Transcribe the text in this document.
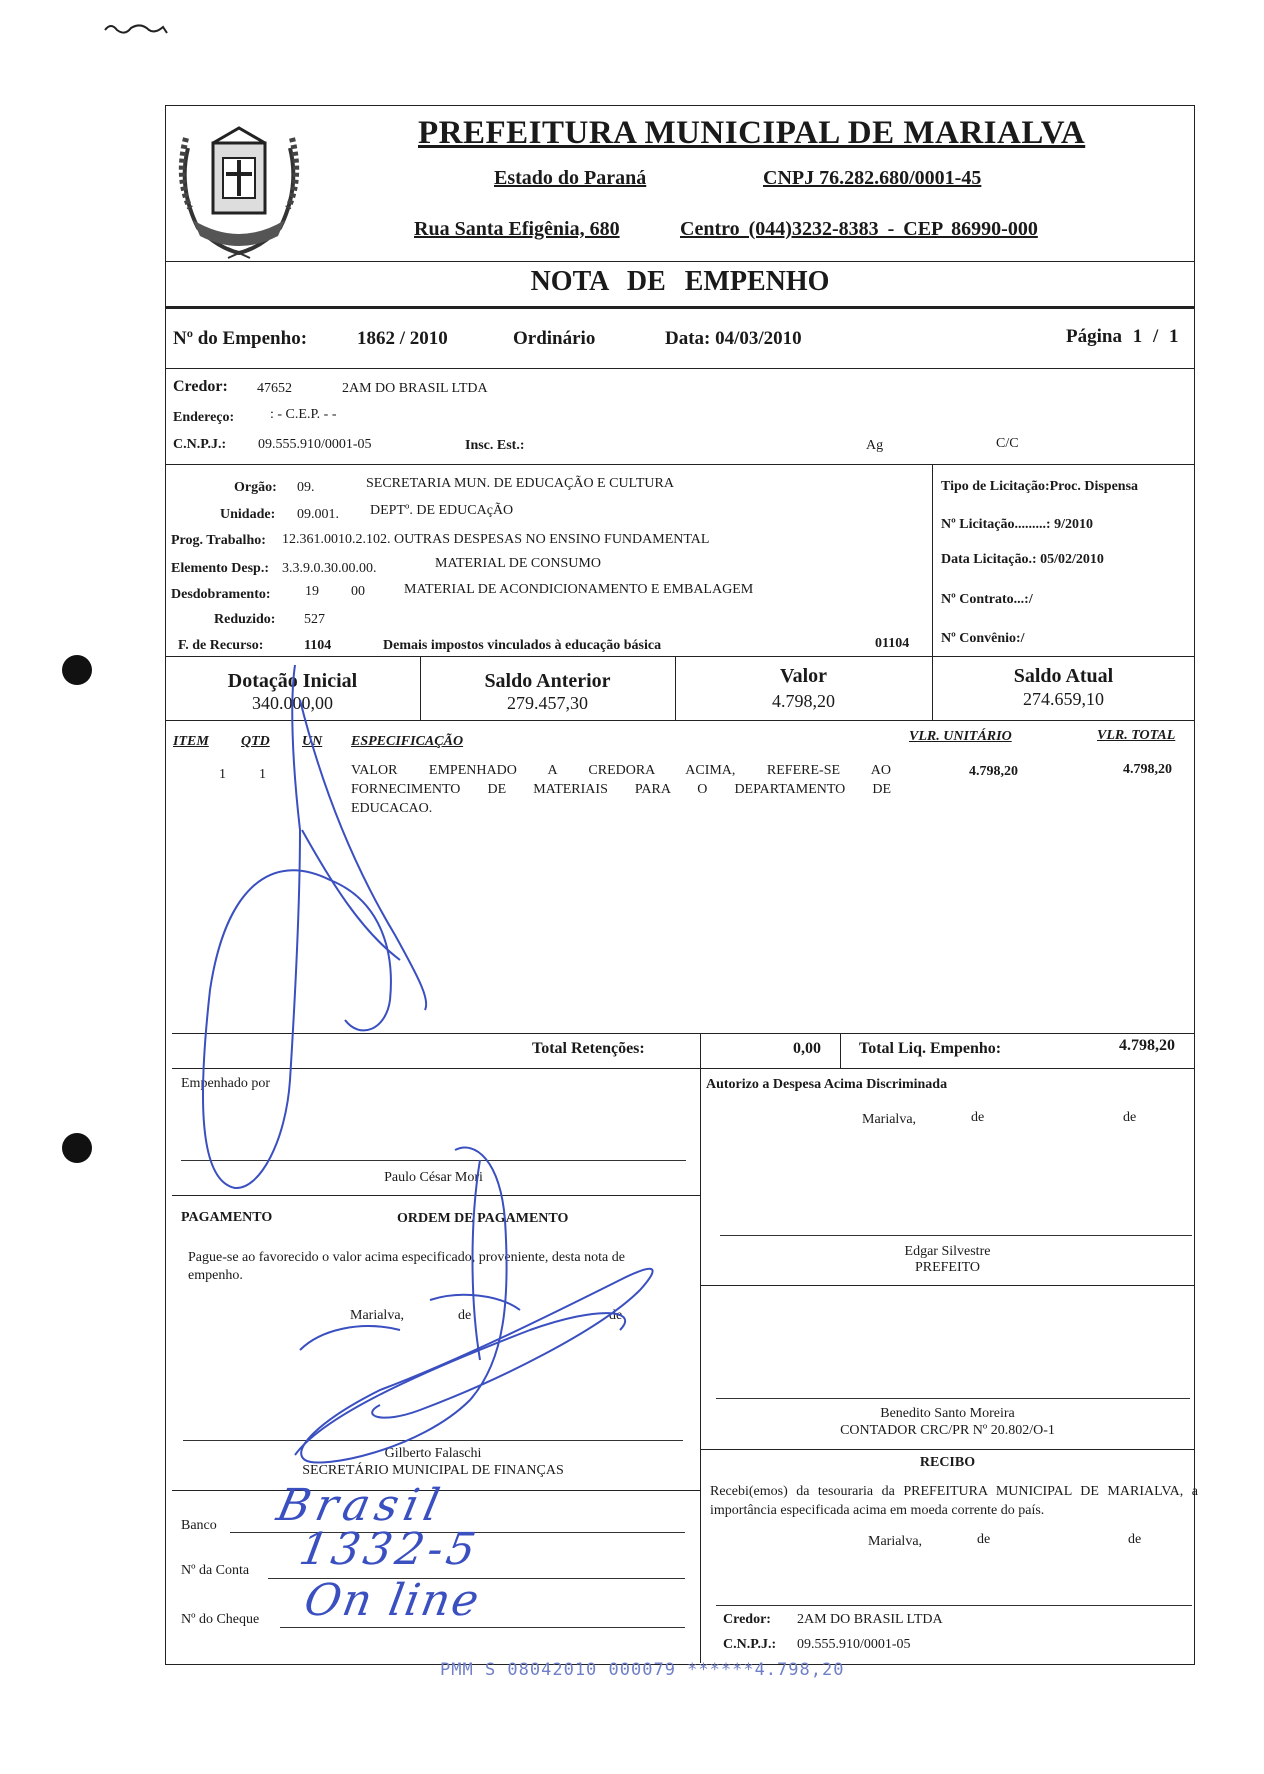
PREFEITURA MUNICIPAL DE MARIALVA
Estado do Paraná	CNPJ 76.282.680/0001-45
Rua Santa Efigênia, 680	Centro (044)3232-8383 - CEP 86990-000
NOTA DE EMPENHO
Nº do Empenho:	1862 / 2010	Ordinário	Data: 04/03/2010	Página 1 / 1
Credor: 47652	2AM DO BRASIL LTDA
Endereço:	: - C.E.P. - -
C.N.P.J.: 09.555.910/0001-05	Insc. Est.:	Ag	C/C
Orgão: 09.	SECRETARIA MUN. DE EDUCAÇÃO E CULTURA
Unidade: 09.001. DEPTº. DE EDUCAçÃO
Prog. Trabalho: 12.361.0010.2.102. OUTRAS DESPESAS NO ENSINO FUNDAMENTAL
Elemento Desp.: 3.3.9.0.30.00.00.	MATERIAL DE CONSUMO
Desdobramento: 19 00	MATERIAL DE ACONDICIONAMENTO E EMBALAGEM
Reduzido: 527
F. de Recurso:	1104	Demais impostos vinculados à educação básica	01104
Tipo de Licitação:Proc. Dispensa
Nº Licitação.........: 9/2010
Data Licitação.: 05/02/2010
Nº Contrato...:/
Nº Convênio:/
Dotação Inicial
340.000,00
Saldo Anterior
279.457,30
Valor
4.798,20
Saldo Atual
274.659,10
ITEM QTD UN ESPECIFICAÇÃO	VLR. UNITÁRIO	VLR. TOTAL
1 1	VALOR EMPENHADO A CREDORA ACIMA, REFERE-SE AO
FORNECIMENTO DE MATERIAIS PARA O DEPARTAMENTO DE
EDUCACAO.
4.798,20	4.798,20
Total Retenções:	0,00 Total Liq. Empenho:	4.798,20
Empenhado por
Paulo César Mori
Autorizo a Despesa Acima Discriminada
Marialva,	de	de
Edgar Silvestre
PREFEITO
PAGAMENTO	ORDEM DE PAGAMENTO
Pague-se ao favorecido o valor acima especificado, proveniente, desta nota de empenho.
Marialva,	de	de
Gilberto Falaschi
SECRETÁRIO MUNICIPAL DE FINANÇAS
Benedito Santo Moreira
CONTADOR CRC/PR Nº 20.802/O-1
RECIBO
Recebi(emos) da tesouraria da PREFEITURA MUNICIPAL DE MARIALVA, a importância especificada acima em moeda corrente do país.
Marialva,	de	de
Credor: 2AM DO BRASIL LTDA
C.N.P.J.: 09.555.910/0001-05
Banco Brasil
Nº da Conta 1332-5
Nº do Cheque On line
PMM S 08042010 000079 ******4.798,20
